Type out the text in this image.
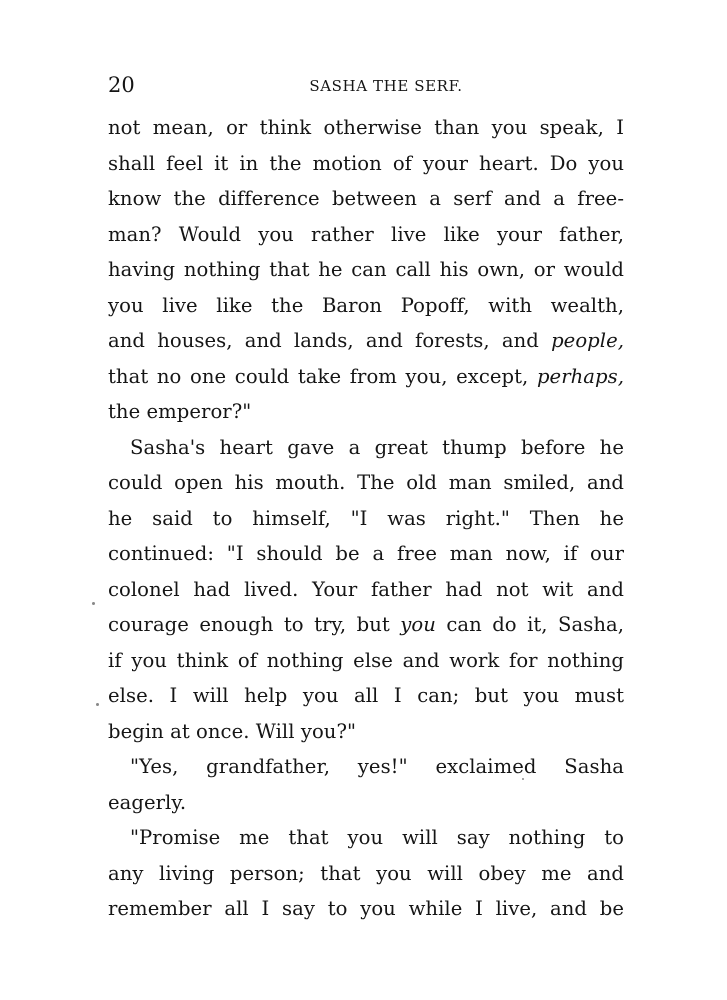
20	SASHA THE SERF.
not mean, or think otherwise than you speak, I
shall feel it in the motion of your heart. Do you
know the difference between a serf and a free-
man? Would you rather live like your father,
having nothing that he can call his own, or would
you live like the Baron Popoff, with wealth,
and houses, and lands, and forests, and people,
that no one could take from you, except, perhaps,
the emperor?"
Sasha's heart gave a great thump before he
could open his mouth. The old man smiled, and
he said to himself, "I was right." Then he
continued: "I should be a free man now, if our
colonel had lived. Your father had not wit and
courage enough to try, but you can do it, Sasha,
if you think of nothing else and work for nothing
else. I will help you all I can; but you must
begin at once. Will you?"
"Yes, grandfather, yes!" exclaimed Sasha
eagerly.
"Promise me that you will say nothing to
any living person; that you will obey me and
remember all I say to you while I live, and be
